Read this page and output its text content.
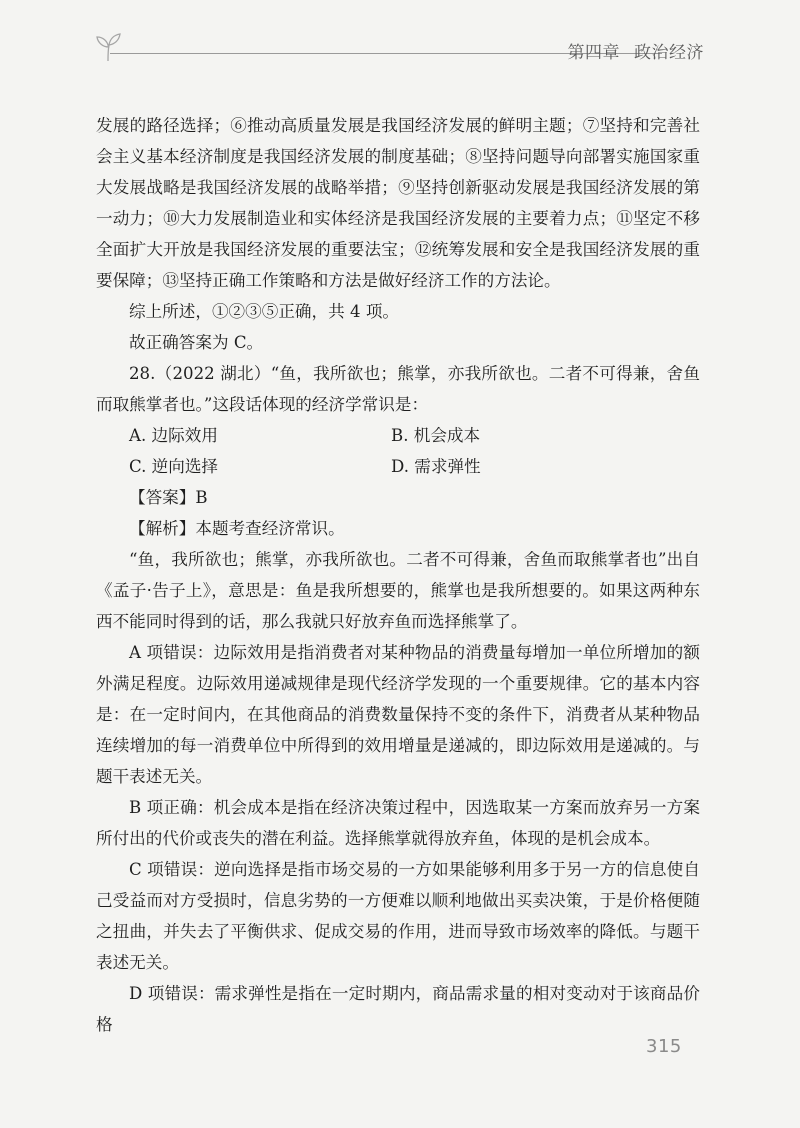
第四章 政治经济

发展的路径选择；⑥推动高质量发展是我国经济发展的鲜明主题；⑦坚持和完善社会主义基本经济制度是我国经济发展的制度基础；⑧坚持问题导向部署实施国家重大发展战略是我国经济发展的战略举措；⑨坚持创新驱动发展是我国经济发展的第一动力；⑩大力发展制造业和实体经济是我国经济发展的主要着力点；⑪坚定不移全面扩大开放是我国经济发展的重要法宝；⑫统筹发展和安全是我国经济发展的重要保障；⑬坚持正确工作策略和方法是做好经济工作的方法论。

综上所述，①②③⑤正确，共 4 项。

故正确答案为 C。

28.（2022 湖北）“鱼，我所欲也；熊掌，亦我所欲也。二者不可得兼，舍鱼而取熊掌者也。”这段话体现的经济学常识是：

A. 边际效用	B. 机会成本
C. 逆向选择	D. 需求弹性

【答案】B

【解析】本题考查经济常识。

“鱼，我所欲也；熊掌，亦我所欲也。二者不可得兼，舍鱼而取熊掌者也”出自《孟子·告子上》，意思是：鱼是我所想要的，熊掌也是我所想要的。如果这两种东西不能同时得到的话，那么我就只好放弃鱼而选择熊掌了。

A 项错误：边际效用是指消费者对某种物品的消费量每增加一单位所增加的额外满足程度。边际效用递减规律是现代经济学发现的一个重要规律。它的基本内容是：在一定时间内，在其他商品的消费数量保持不变的条件下，消费者从某种物品连续增加的每一消费单位中所得到的效用增量是递减的，即边际效用是递减的。与题干表述无关。

B 项正确：机会成本是指在经济决策过程中，因选取某一方案而放弃另一方案所付出的代价或丧失的潜在利益。选择熊掌就得放弃鱼，体现的是机会成本。

C 项错误：逆向选择是指市场交易的一方如果能够利用多于另一方的信息使自己受益而对方受损时，信息劣势的一方便难以顺利地做出买卖决策，于是价格便随之扭曲，并失去了平衡供求、促成交易的作用，进而导致市场效率的降低。与题干表述无关。

D 项错误：需求弹性是指在一定时期内，商品需求量的相对变动对于该商品价格

315
